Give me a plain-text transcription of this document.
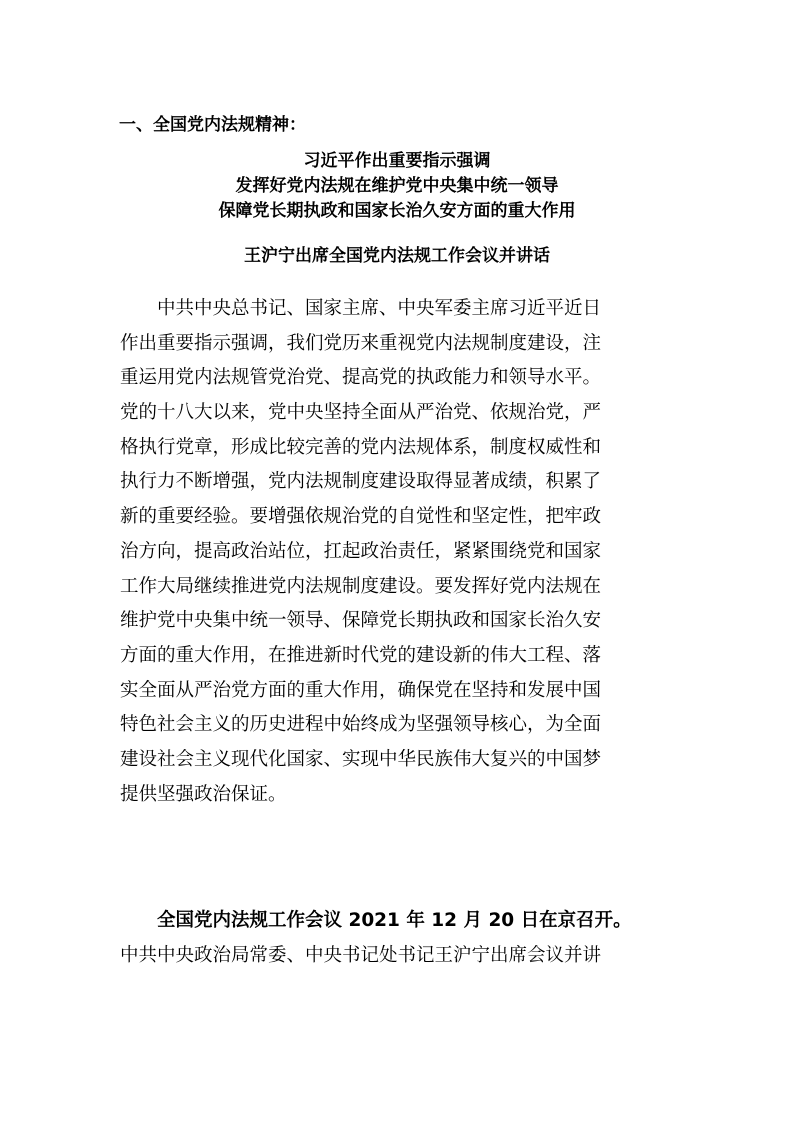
一、全国党内法规精神：
习近平作出重要指示强调
发挥好党内法规在维护党中央集中统一领导
保障党长期执政和国家长治久安方面的重大作用
王沪宁出席全国党内法规工作会议并讲话
　　中共中央总书记、国家主席、中央军委主席习近平近日
作出重要指示强调，我们党历来重视党内法规制度建设，注
重运用党内法规管党治党、提高党的执政能力和领导水平。
党的十八大以来，党中央坚持全面从严治党、依规治党，严
格执行党章，形成比较完善的党内法规体系，制度权威性和
执行力不断增强，党内法规制度建设取得显著成绩，积累了
新的重要经验。要增强依规治党的自觉性和坚定性，把牢政
治方向，提高政治站位，扛起政治责任，紧紧围绕党和国家
工作大局继续推进党内法规制度建设。要发挥好党内法规在
维护党中央集中统一领导、保障党长期执政和国家长治久安
方面的重大作用，在推进新时代党的建设新的伟大工程、落
实全面从严治党方面的重大作用，确保党在坚持和发展中国
特色社会主义的历史进程中始终成为坚强领导核心，为全面
建设社会主义现代化国家、实现中华民族伟大复兴的中国梦
提供坚强政治保证。
　　全国党内法规工作会议 2021 年 12 月 20 日在京召开。
中共中央政治局常委、中央书记处书记王沪宁出席会议并讲
